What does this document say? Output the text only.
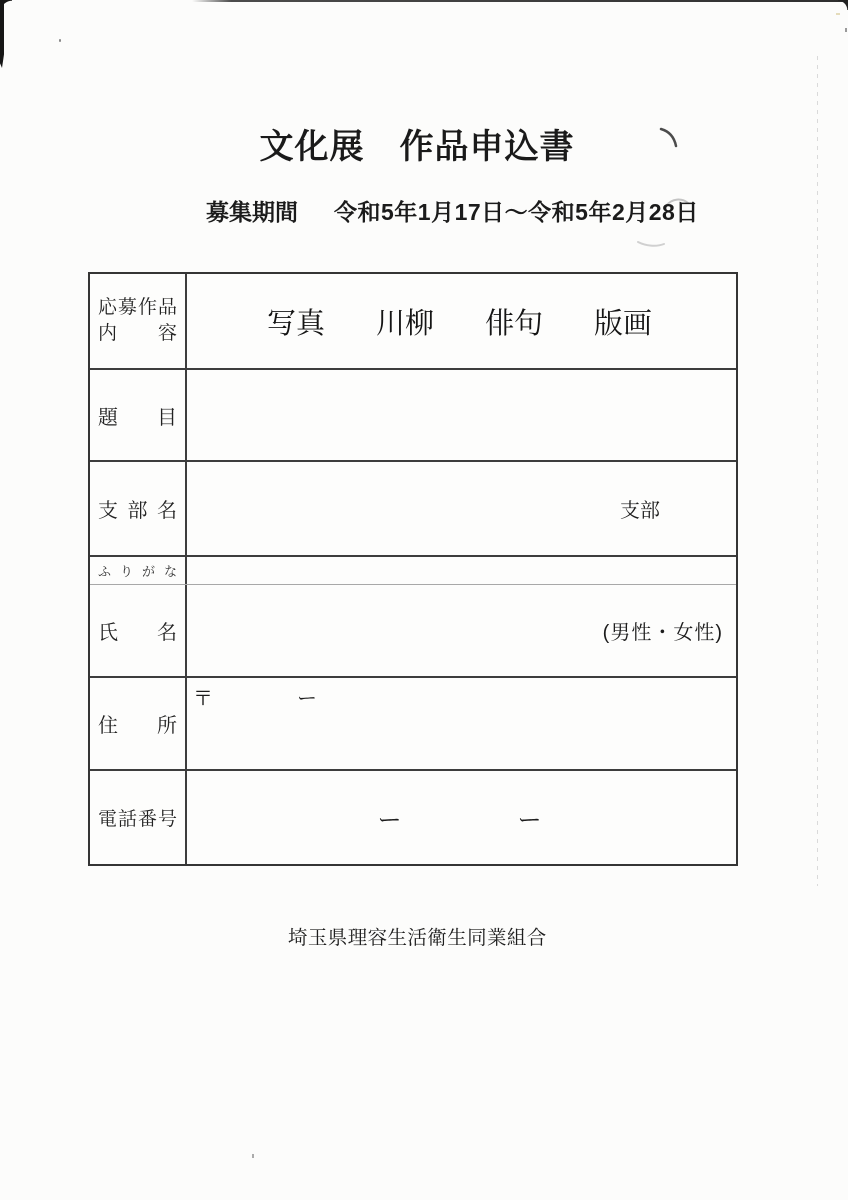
文化展　作品申込書
募集期間 令和5年1月17日～令和5年2月28日
応 募 作 品
内 容	写真 川柳 俳句 版画
題 目
支 部 名	支部
ふ り が な
氏 名	(男性・女性)
住 所
〒	ー
電 話 番 号	ー	ー
埼玉県理容生活衛生同業組合
